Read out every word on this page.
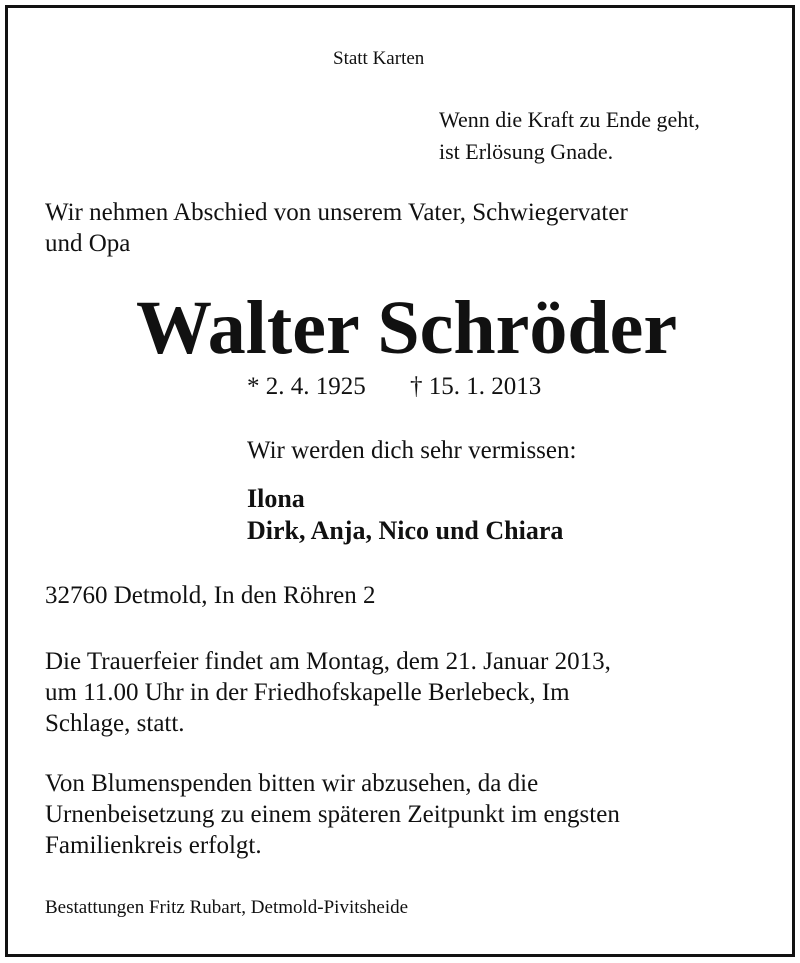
Statt Karten

Wenn die Kraft zu Ende geht,

ist Erlösung Gnade.

Wir nehmen Abschied von unserem Vater, Schwiegervater

und Opa

Walter Schröder
* 2. 4. 1925 † 15. 1. 2013
Wir werden dich sehr vermissen:

Ilona

Dirk, Anja, Nico und Chiara

32760 Detmold, In den Röhren 2

Die Trauerfeier findet am Montag, dem 21. Januar 2013,

um 11.00 Uhr in der Friedhofskapelle Berlebeck, Im

Schlage, statt.

Von Blumenspenden bitten wir abzusehen, da die

Urnenbeisetzung zu einem späteren Zeitpunkt im engsten

Familienkreis erfolgt.

Bestattungen Fritz Rubart, Detmold-Pivitsheide
